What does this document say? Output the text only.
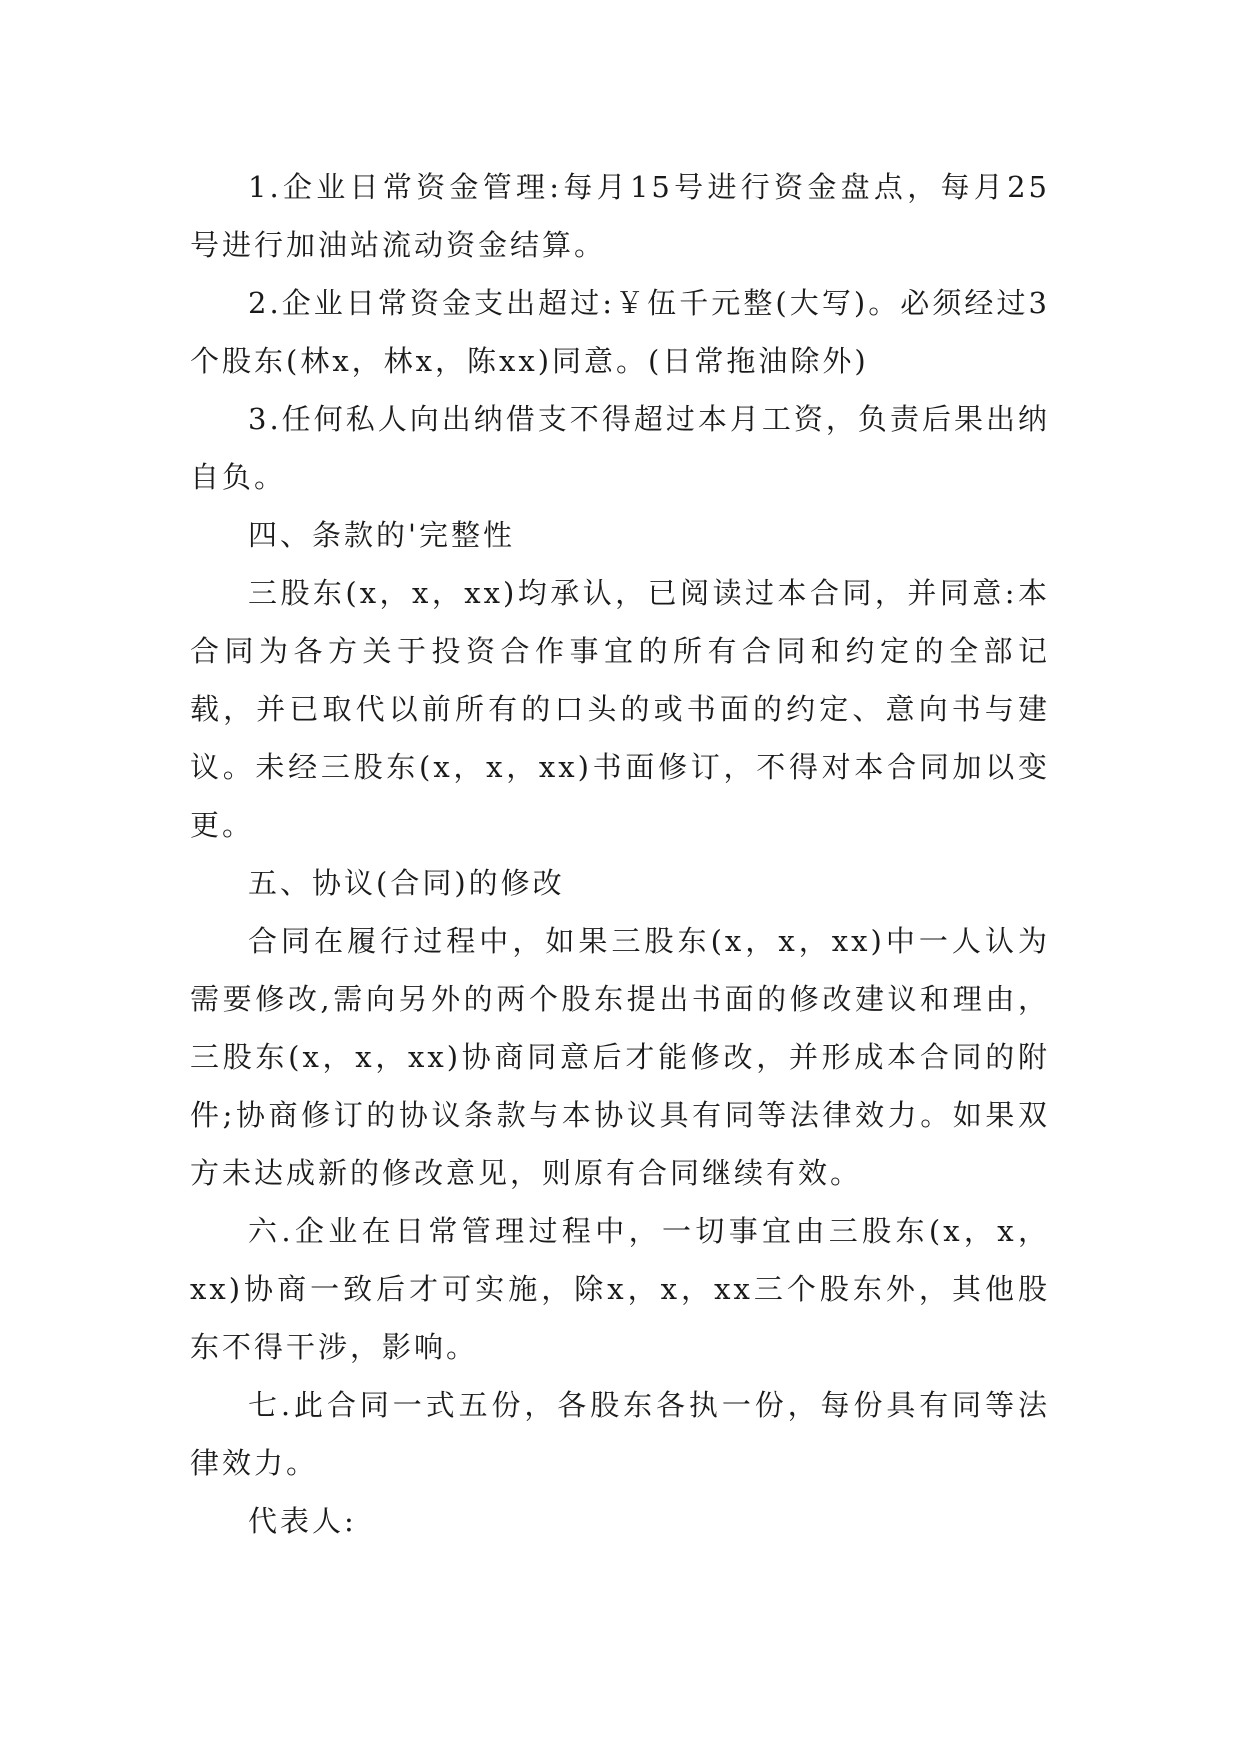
1.企业日常资金管理:每月15号进行资金盘点，每月25号进行加油站流动资金结算。

2.企业日常资金支出超过:￥伍千元整(大写)。必须经过3个股东(林x，林x，陈xx)同意。(日常拖油除外)

3.任何私人向出纳借支不得超过本月工资，负责后果出纳自负。

四、条款的'完整性

三股东(x，x，xx)均承认，已阅读过本合同，并同意:本合同为各方关于投资合作事宜的所有合同和约定的全部记载，并已取代以前所有的口头的或书面的约定、意向书与建议。未经三股东(x，x，xx)书面修订，不得对本合同加以变更。

五、协议(合同)的修改

合同在履行过程中，如果三股东(x，x，xx)中一人认为需要修改,需向另外的两个股东提出书面的修改建议和理由，三股东(x，x，xx)协商同意后才能修改，并形成本合同的附件;协商修订的协议条款与本协议具有同等法律效力。如果双方未达成新的修改意见，则原有合同继续有效。

六.企业在日常管理过程中，一切事宜由三股东(x，x，xx)协商一致后才可实施，除x，x，xx三个股东外，其他股东不得干涉，影响。

七.此合同一式五份，各股东各执一份，每份具有同等法律效力。

代表人:
